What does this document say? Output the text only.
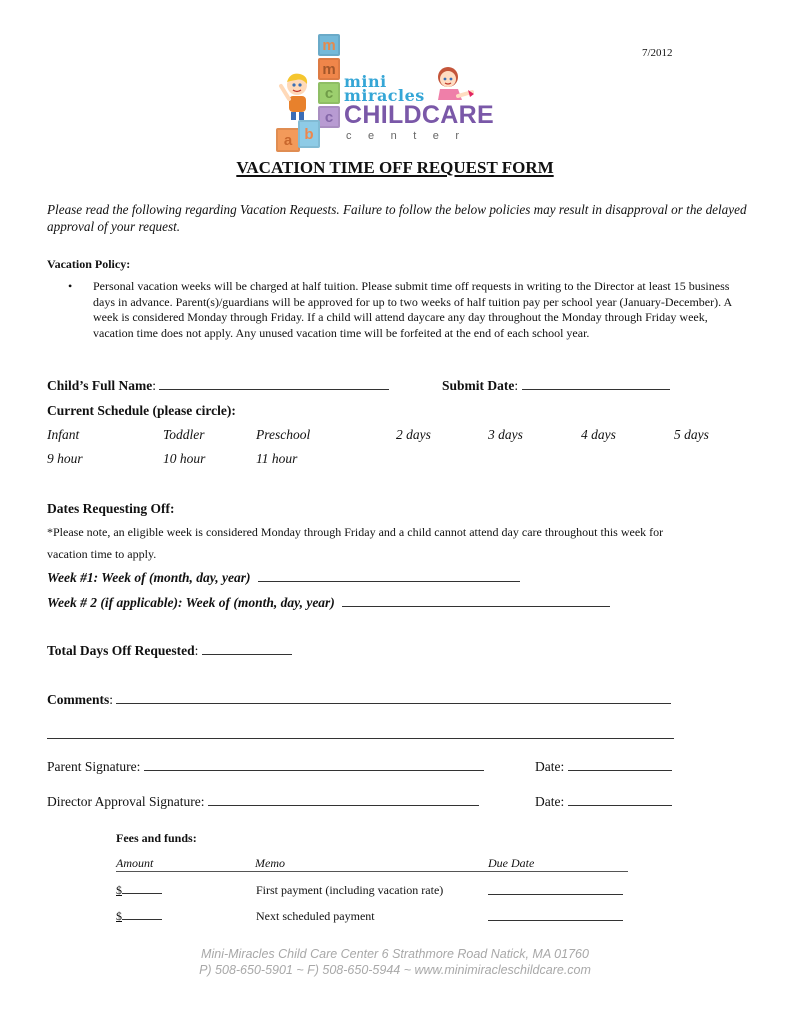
m
m
c
c
a b
mini
miracles
CHILDCARE
center
7/2012
VACATION TIME OFF REQUEST FORM
Please read the following regarding Vacation Requests. Failure to follow the below policies may result in disapproval or the delayed approval of your request.
Vacation Policy:
• Personal vacation weeks will be charged at half tuition. Please submit time off requests in writing to the Director at least 15 business days in advance. Parent(s)/guardians will be approved for up to two weeks of half tuition pay per school year (January-December). A week is considered Monday through Friday. If a child will attend daycare any day throughout the Monday through Friday week, vacation time does not apply. Any unused vacation time will be forfeited at the end of each school year.
Child’s Full Name:	Submit Date:
Current Schedule (please circle):
Infant	Toddler	Preschool	2 days	3 days	4 days	5 days
9 hour	10 hour	11 hour
Dates Requesting Off:
*Please note, an eligible week is considered Monday through Friday and a child cannot attend day care throughout this week for
vacation time to apply.
Week #1: Week of (month, day, year)
Week # 2 (if applicable): Week of (month, day, year)
Total Days Off Requested:
Comments:
Parent Signature:	Date:
Director Approval Signature:	Date:
Fees and funds:
Amount	Memo	Due Date
$	First payment (including vacation rate)
$	Next scheduled payment
Mini-Miracles Child Care Center 6 Strathmore Road Natick, MA 01760
P) 508-650-5901 ~ F) 508-650-5944 ~ www.minimiracleschildcare.com
